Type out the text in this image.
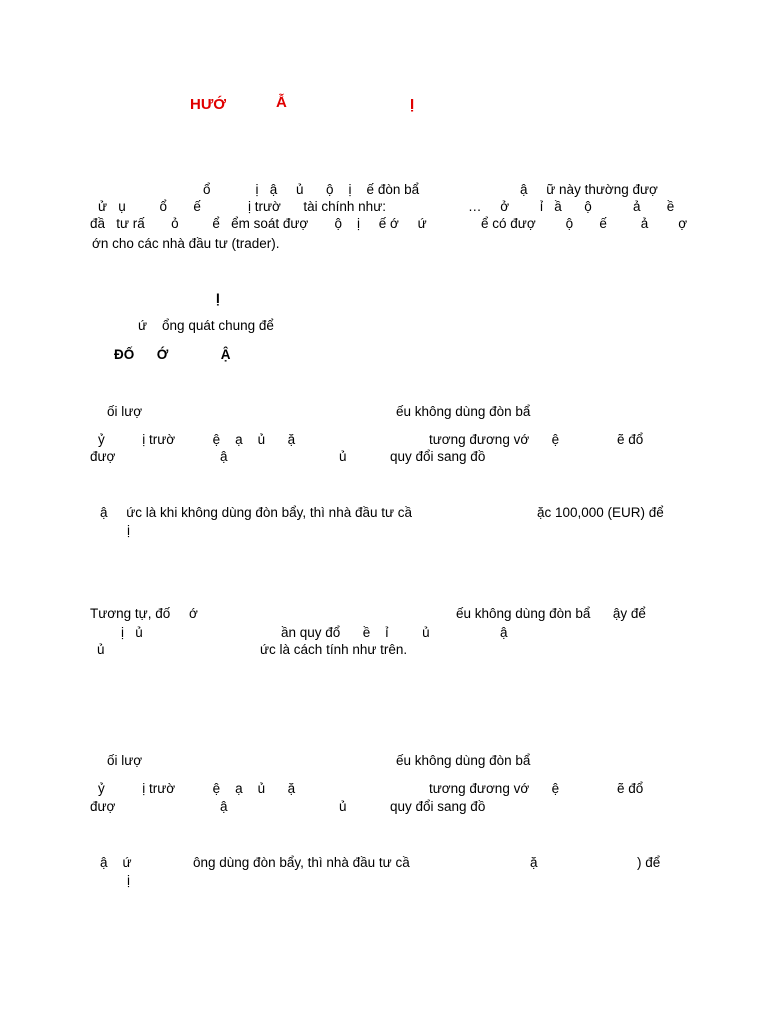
HƯỚ	Ẫ	Ị
ổ            ị   ậ     ủ      ộ    ị    ế đòn bẩ	ậ     ữ này thường đượ
ử   ụ         ổ       ế	ị trườ      tài chính như:	…     ở ỉ   ầ      ộ           ả       ề
đầ   tư rấ       ỏ         ể   ểm soát đượ       ộ    ị     ế ớ     ứ	ể có đượ        ộ       ế         ả        ợ
ớn cho các nhà đầu tư (trader).
Ị
ứ    ổng quát chung để
ĐỐ      Ớ              Ậ
ối lượ	ếu không dùng đòn bẩ
ỷ          ị trườ          ệ    ạ    ủ      ặ	tương đương vớ      ệ	ẽ đổ
đượ	ậ	ủ	quy đổi sang đồ
ậ     ức là khi không dùng đòn bẩy, thì nhà đầu tư cầ	ặc 100,000 (EUR) để
ị
Tương tự, đố     ớ	ếu không dùng đòn bẩ      ậy để
ị   ủ	ần quy đổ      ề    ỉ         ủ	ậ
ủ	ức là cách tính như trên.
ối lượ	ếu không dùng đòn bẩ
ỷ          ị trườ          ệ    ạ    ủ      ặ	tương đương vớ      ệ	ẽ đổ
đượ	ậ	ủ	quy đổi sang đồ
ậ    ứ	ông dùng đòn bẩy, thì nhà đầu tư cầ	ặ	) để
ị
